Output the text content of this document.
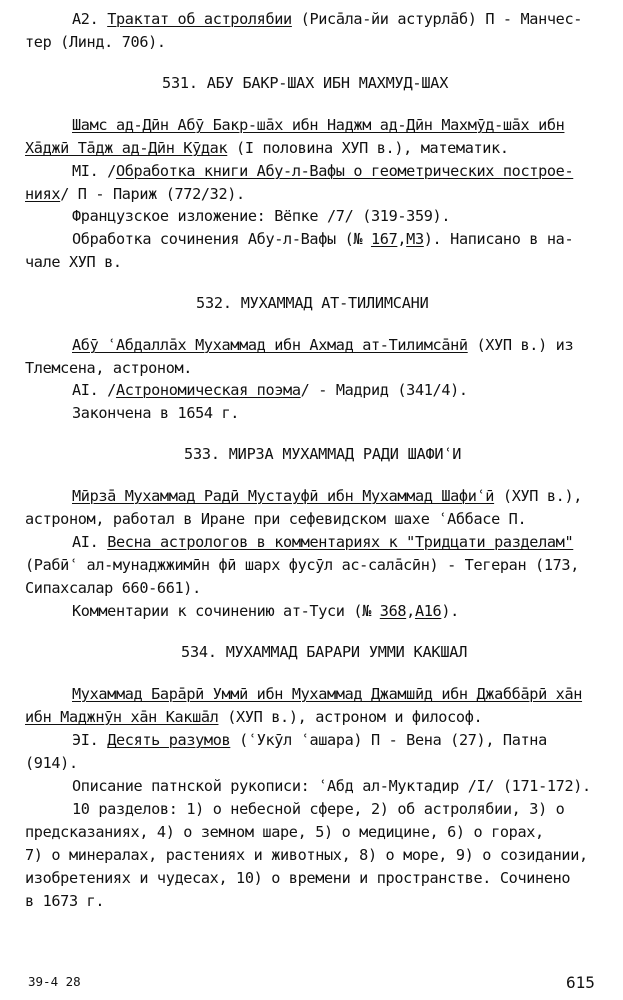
A2. Трактат об астролябии (Рисāла-йи астурлāб) П - Манчес-
тер (Линд. 706).
531. АБУ БАКР-ШАХ ИБН МАХМУД-ШАХ
Шамс ад-Дӣн Абӯ Бакр-шāх ибн Наджм ад-Дӣн Махмӯд-шāх ибн
Хāджӣ Тāдж ад-Дӣн Кӯдак (I половина ХУП в.), математик.
MI. /Обработка книги Абу-л-Вафы о геометрических построе-
ниях/ П - Париж (772/32).
Французское изложение: Вёпке /7/ (319-359).
Обработка сочинения Абу-л-Вафы (№ 167,M3). Написано в на-
чале ХУП в.
532. МУХАММАД АТ-ТИЛИМСАНИ
Абӯ ʿАбдаллāх Мухаммад ибн Ахмад ат-Тилимсāнӣ (ХУП в.) из
Тлемсена, астроном.
AI. /Астрономическая поэма/ - Мадрид (341/4).
Закончена в 1654 г.
533. МИРЗА МУХАММАД РАДИ ШАФИʿИ
Мӣрзā Мухаммад Радӣ Мустауфӣ ибн Мухаммад Шафиʿӣ (ХУП в.),
астроном, работал в Иране при сефевидском шахе ʿАббасе П.
AI. Весна астрологов в комментариях к "Тридцати разделам"
(Рабӣʿ ал-мунаджжимӣн фӣ шарх фусӯл ас-салāсӣн) - Тегеран (173,
Сипахсалар 660-661).
Комментарии к сочинению ат-Туси (№ 368,A16).
534. МУХАММАД БАРАРИ УММИ КАКШАЛ
Мухаммад Барāрӣ Уммӣ ибн Мухаммад Джамшӣд ибн Джаббāрӣ хāн
ибн Маджнӯн хāн Какшāл (ХУП в.), астроном и философ.
ЭI. Десять разумов (ʿУкӯл ʿашара) П - Вена (27), Патна
(914).
Описание патнской рукописи: ʿАбд ал-Муктадир /I/ (171-172).
10 разделов: 1) о небесной сфере, 2) об астролябии, 3) о
предсказаниях, 4) о земном шаре, 5) о медицине, 6) о горах,
7) о минералах, растениях и животных, 8) о море, 9) о созидании,
изобретениях и чудесах, 10) о времени и пространстве. Сочинено
в 1673 г.
39-4 28	615
